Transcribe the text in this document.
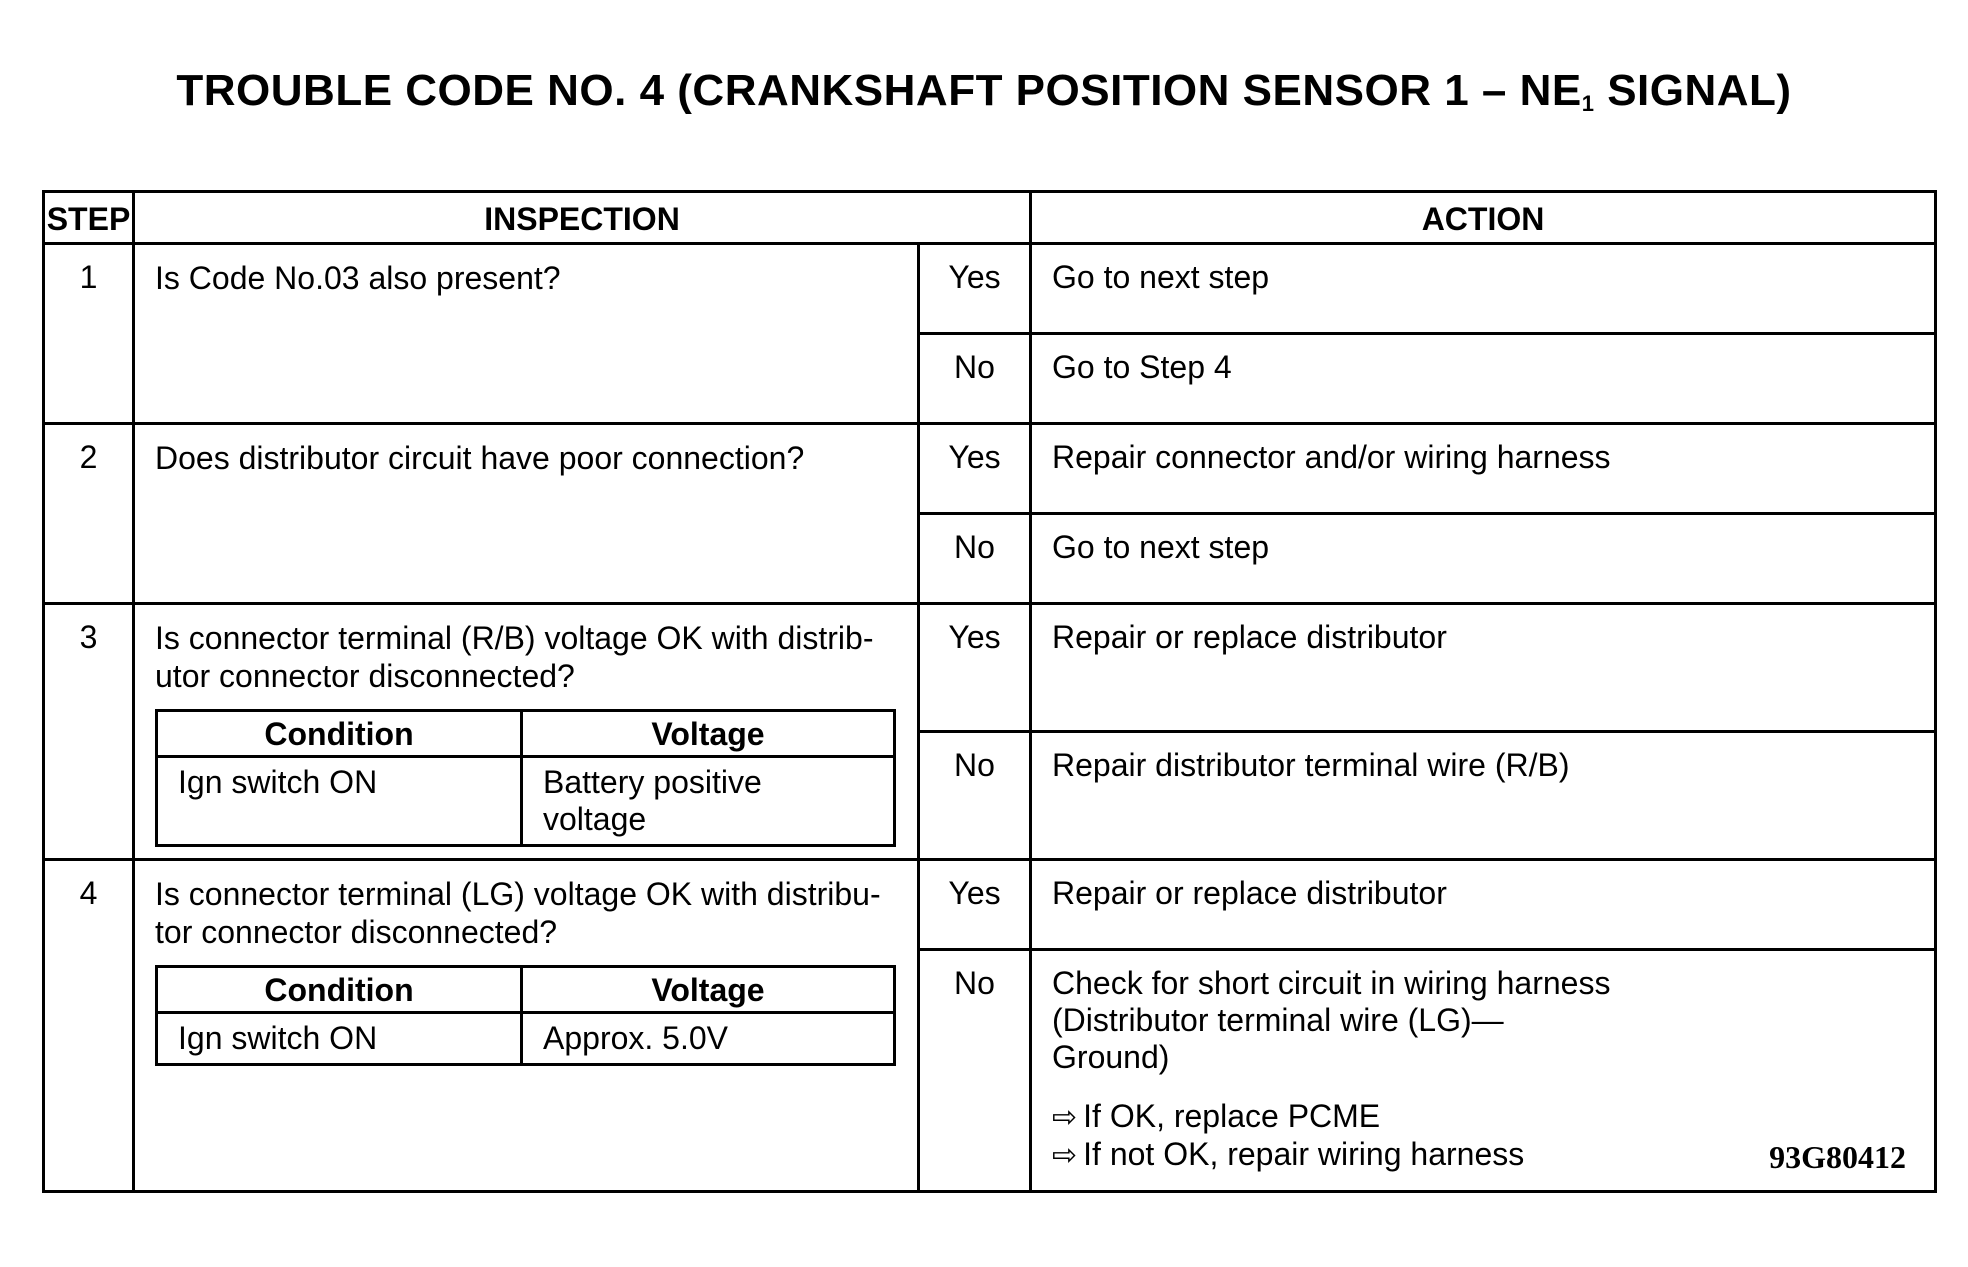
TROUBLE CODE NO. 4 (CRANKSHAFT POSITION SENSOR $1 - NE_1$ SIGNAL)
STEP	INSPECTION	ACTION
1	Is Code No.03 also present?	Yes	Go to next step
No	Go to Step 4
2	Does distributor circuit have poor connection?	Yes	Repair connector and/or wiring harness
No	Go to next step
3	Is connector terminal (R/B) voltage OK with distrib-
utor connector disconnected?
Condition	Voltage
Ign switch ON	Battery positive
voltage
	Yes	Repair or replace distributor
No	Repair distributor terminal wire (R/B)
4	Is connector terminal (LG) voltage OK with distribu-
tor connector disconnected?
Condition	Voltage
Ign switch ON	Approx. 5.0V
	Yes	Repair or replace distributor
No	Check for short circuit in wiring harness
(Distributor terminal wire (LG)—
Ground)
⇨ If OK, replace PCME
⇨ If not OK, repair wiring harness	93G80412
